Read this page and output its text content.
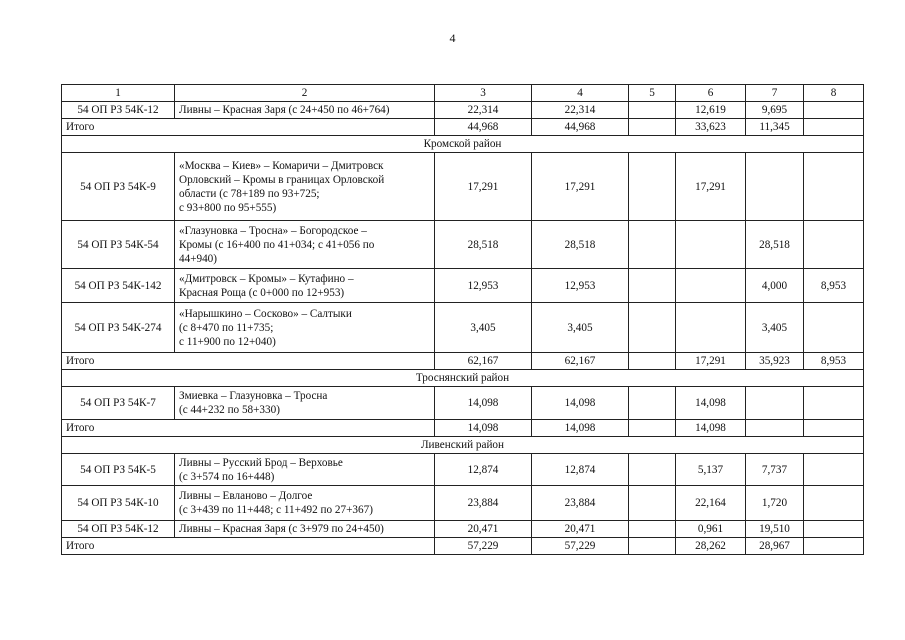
4
1	2	3	4	5	6	7	8
54 ОП РЗ 54К-12	Ливны – Красная Заря (с 24+450 по 46+764)	22,314	22,314		12,619	9,695	
Итого		44,968	44,968		33,623	11,345	
Кромской район							
54 ОП РЗ 54К-9	«Москва – Киев» – Комаричи – Дмитровск
Орловский – Кромы в границах Орловской
области (с 78+189 по 93+725;
с 93+800 по 95+555)	17,291	17,291		17,291		
54 ОП РЗ 54К-54	«Глазуновка – Тросна» – Богородское –
Кромы (с 16+400 по 41+034; с 41+056 по
44+940)	28,518	28,518			28,518	
54 ОП РЗ 54К-142	«Дмитровск – Кромы» – Кутафино –
Красная Роща (с 0+000 по 12+953)	12,953	12,953			4,000	8,953
54 ОП РЗ 54К-274	«Нарышкино – Сосково» – Салтыки
(с 8+470 по 11+735;
с 11+900 по 12+040)	3,405	3,405			3,405	
Итого		62,167	62,167		17,291	35,923	8,953
Троснянский район							
54 ОП РЗ 54К-7	Змиевка – Глазуновка – Тросна
(с 44+232 по 58+330)	14,098	14,098		14,098		
Итого		14,098	14,098		14,098		
Ливенский район							
54 ОП РЗ 54К-5	Ливны – Русский Брод – Верховье
(с 3+574 по 16+448)	12,874	12,874		5,137	7,737	
54 ОП РЗ 54К-10	Ливны – Евланово – Долгое
(с 3+439 по 11+448; с 11+492 по 27+367)	23,884	23,884		22,164	1,720	
54 ОП РЗ 54К-12	Ливны – Красная Заря (с 3+979 по 24+450)	20,471	20,471		0,961	19,510	
Итого		57,229	57,229		28,262	28,967	
